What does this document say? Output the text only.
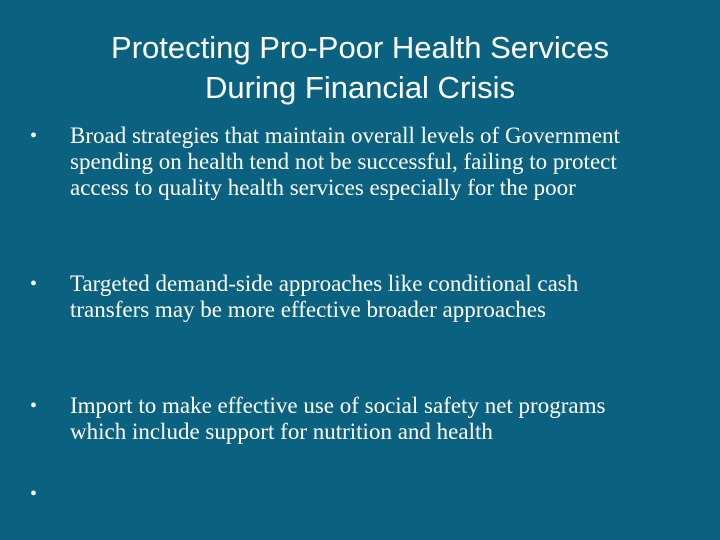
Protecting Pro-Poor Health Services
During Financial Crisis
•	Broad strategies that maintain overall levels of Government spending on health tend not be successful, failing to protect access to quality health services especially for the poor
•	Targeted demand-side approaches like conditional cash transfers may be more effective broader approaches
•	Import to make effective use of social safety net programs which include support for nutrition and health
•
